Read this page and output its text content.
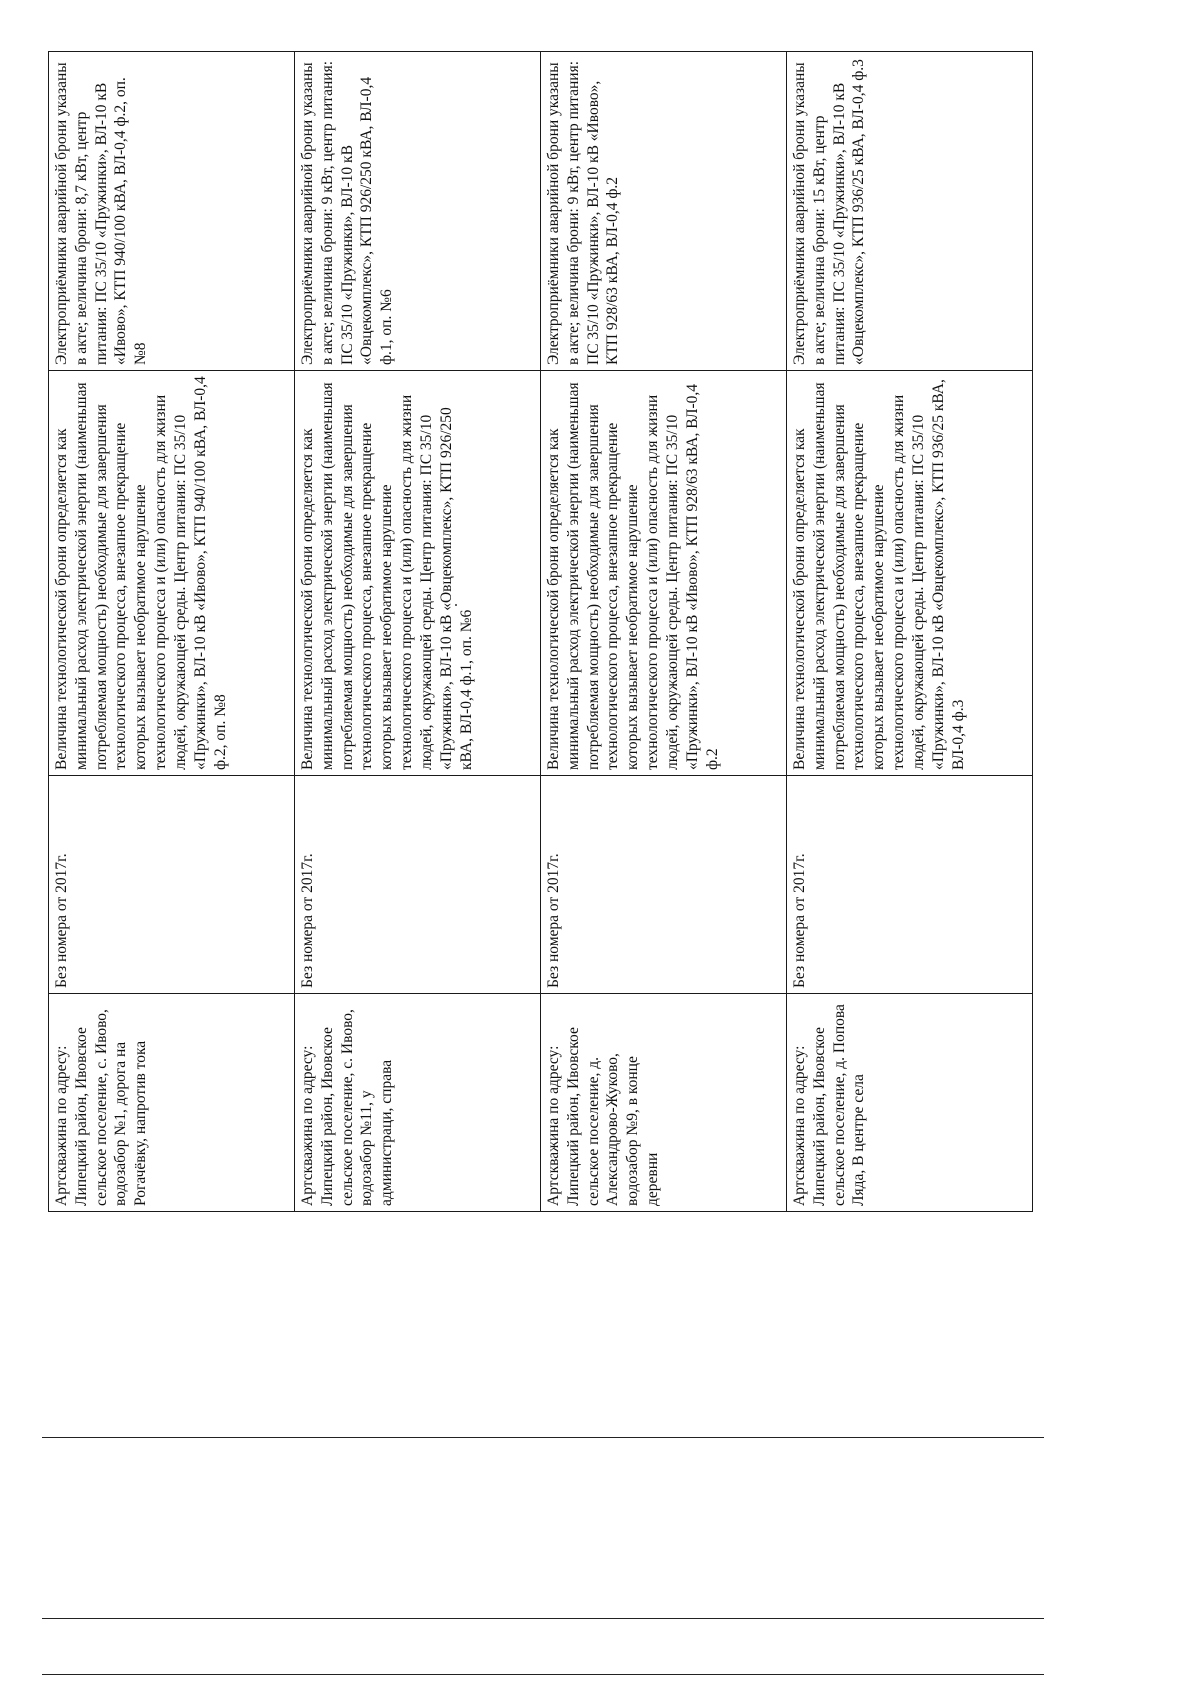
Артскважина по адресу: Липецкий район, Ивовское сельское поселение, с. Ивово, водозабор №1, дорога на Рогачёвку, напротив тока	Без номера от 2017г.	Величина технологической брони определяется как минимальный расход электрической энергии (наименьшая потребляемая мощность) необходимые для завершения технологического процесса, внезапное прекращение которых вызывает необратимое нарушение технологического процесса и (или) опасность для жизни людей, окружающей среды. Центр питания: ПС 35/10 «Пружинки», ВЛ-10 кВ «Ивово», КТП 940/100 кВА, ВЛ-0,4 ф.2, оп. №8	Электроприёмники аварийной брони указаны в акте; величина брони: 8,7 кВт, центр питания: ПС 35/10 «Пружинки», ВЛ-10 кВ «Ивово», КТП 940/100 кВА, ВЛ-0,4 ф.2, оп. №8
Артскважина по адресу: Липецкий район, Ивовское сельское поселение, с. Ивово, водозабор №11, у администраци, справа	Без номера от 2017г.	Величина технологической брони определяется как минимальный расход электрической энергии (наименьшая потребляемая мощность) необходимые для завершения технологического процесса, внезапное прекращение которых вызывает необратимое нарушение технологического процесса и (или) опасность для жизни людей, окружающей среды. Центр питания: ПС 35/10 «Пружинки», ВЛ-10 кВ «Овцекомплекс», КТП 926/250 кВА, ВЛ-0,4 ф.1, оп. №6	Электроприёмники аварийной брони указаны в акте; величина брони: 9 кВт, центр питания: ПС 35/10 «Пружинки», ВЛ-10 кВ «Овцекомплекс», КТП 926/250 кВА, ВЛ-0,4 ф.1, оп. №6
Артскважина по адресу: Липецкий район, Ивовское сельское поселение, д. Александрово-Жуково, водозабор №9, в конце деревни	Без номера от 2017г.	Величина технологической брони определяется как минимальный расход электрической энергии (наименьшая потребляемая мощность) необходимые для завершения технологического процесса, внезапное прекращение которых вызывает необратимое нарушение технологического процесса и (или) опасность для жизни людей, окружающей среды. Центр питания: ПС 35/10 «Пружинки», ВЛ-10 кВ «Ивово», КТП 928/63 кВА, ВЛ-0,4 ф.2	Электроприёмники аварийной брони указаны в акте; величина брони: 9 кВт, центр питания: ПС 35/10 «Пружинки», ВЛ-10 кВ «Ивово», КТП 928/63 кВА, ВЛ-0,4 ф.2
Артскважина по адресу: Липецкий район, Ивовское сельское поселение, д. Попова Ляда, В центре села	Без номера от 2017г.	Величина технологической брони определяется как минимальный расход электрической энергии (наименьшая потребляемая мощность) необходимые для завершения технологического процесса, внезапное прекращение которых вызывает необратимое нарушение технологического процесса и (или) опасность для жизни людей, окружающей среды. Центр питания: ПС 35/10 «Пружинки», ВЛ-10 кВ «Овцекомплекс», КТП 936/25 кВА, ВЛ-0,4 ф.3	Электроприёмники аварийной брони указаны в акте; величина брони: 15 кВт, центр питания: ПС 35/10 «Пружинки», ВЛ-10 кВ «Овцекомплекс», КТП 936/25 кВА, ВЛ-0,4 ф.3
